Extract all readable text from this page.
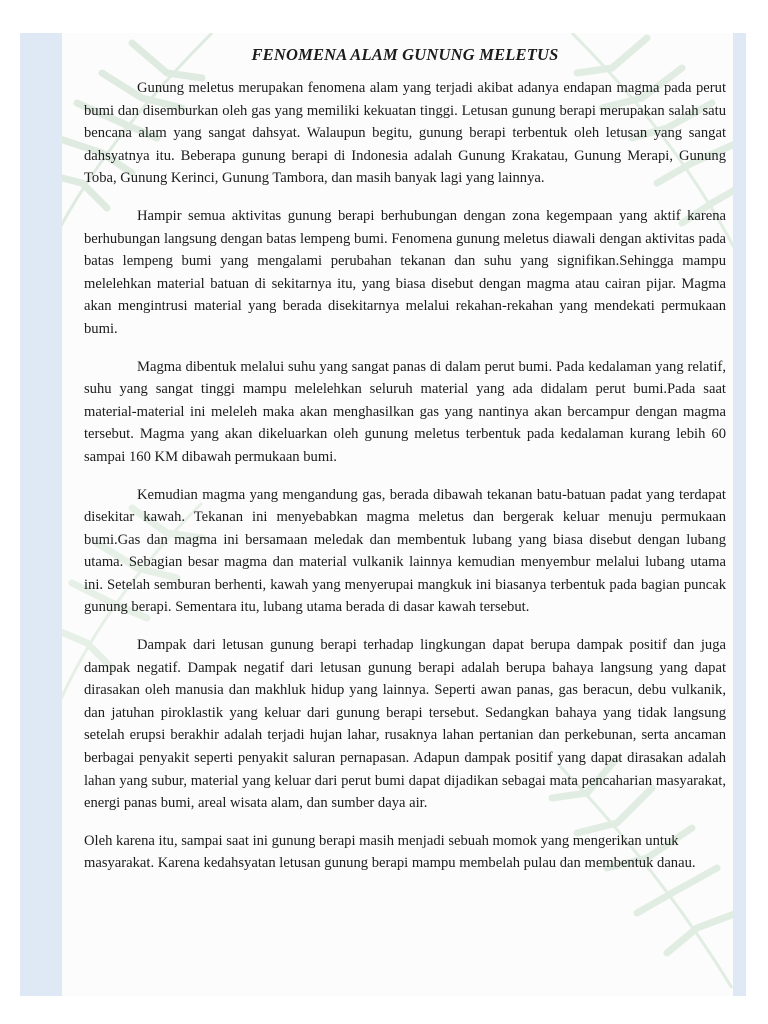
FENOMENA ALAM GUNUNG MELETUS

Gunung meletus merupakan fenomena alam yang terjadi akibat adanya endapan magma pada perut bumi dan disemburkan oleh gas yang memiliki kekuatan tinggi. Letusan gunung berapi merupakan salah satu bencana alam yang sangat dahsyat. Walaupun begitu, gunung berapi terbentuk oleh letusan yang sangat dahsyatnya itu. Beberapa gunung berapi di Indonesia adalah Gunung Krakatau, Gunung Merapi, Gunung Toba, Gunung Kerinci, Gunung Tambora, dan masih banyak lagi yang lainnya.

Hampir semua aktivitas gunung berapi berhubungan dengan zona kegempaan yang aktif karena berhubungan langsung dengan batas lempeng bumi. Fenomena gunung meletus diawali dengan aktivitas pada batas lempeng bumi yang mengalami perubahan tekanan dan suhu yang signifikan.Sehingga mampu melelehkan material batuan di sekitarnya itu, yang biasa disebut dengan magma atau cairan pijar. Magma akan mengintrusi material yang berada disekitarnya melalui rekahan-rekahan yang mendekati permukaan bumi.

Magma dibentuk melalui suhu yang sangat panas di dalam perut bumi. Pada kedalaman yang relatif, suhu yang sangat tinggi mampu melelehkan seluruh material yang ada didalam perut bumi.Pada saat material-material ini meleleh maka akan menghasilkan gas yang nantinya akan bercampur dengan magma tersebut. Magma yang akan dikeluarkan oleh gunung meletus terbentuk pada kedalaman kurang lebih 60 sampai 160 KM dibawah permukaan bumi.

Kemudian magma yang mengandung gas, berada dibawah tekanan batu-batuan padat yang terdapat disekitar kawah. Tekanan ini menyebabkan magma meletus dan bergerak keluar menuju permukaan bumi.Gas dan magma ini bersamaan meledak dan membentuk lubang yang biasa disebut dengan lubang utama. Sebagian besar magma dan material vulkanik lainnya kemudian menyembur melalui lubang utama ini. Setelah semburan berhenti, kawah yang menyerupai mangkuk ini biasanya terbentuk pada bagian puncak gunung berapi. Sementara itu, lubang utama berada di dasar kawah tersebut.

Dampak dari letusan gunung berapi terhadap lingkungan dapat berupa dampak positif dan juga dampak negatif. Dampak negatif dari letusan gunung berapi adalah berupa bahaya langsung yang dapat dirasakan oleh manusia dan makhluk hidup yang lainnya. Seperti awan panas, gas beracun, debu vulkanik, dan jatuhan piroklastik yang keluar dari gunung berapi tersebut. Sedangkan bahaya yang tidak langsung setelah erupsi berakhir adalah terjadi hujan lahar, rusaknya lahan pertanian dan perkebunan, serta ancaman berbagai penyakit seperti penyakit saluran pernapasan. Adapun dampak positif yang dapat dirasakan adalah lahan yang subur, material yang keluar dari perut bumi dapat dijadikan sebagai mata pencaharian masyarakat, energi panas bumi, areal wisata alam, dan sumber daya air.

Oleh karena itu, sampai saat ini gunung berapi masih menjadi sebuah momok yang mengerikan untuk masyarakat. Karena kedahsyatan letusan gunung berapi mampu membelah pulau dan membentuk danau.
